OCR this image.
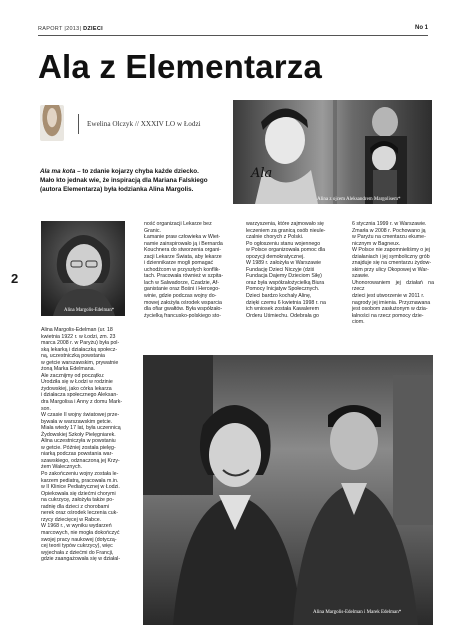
RAPORT |2013| DZIECI	No 1
Ala z Elementarza
2
Ewelina Olczyk // XXXIV LO w Łodzi

Ala ma kota – to zdanie kojarzy chyba każde dziecko. Mało kto jednak wie, że inspiracją dla Mariana Falskiego (autora Elementarza) była łodzianka Alina Margolis.

Ala
Alina z ojcem Aleksandrem Margolisem*
Alina Margolis-Edelman*
Alina Margolis-Edelman (ur. 18
kwietnia 1922 r. w Łodzi, zm. 23
marca 2008 r. w Paryżu) była pol-
ską lekarką i działaczką społecz-
ną, uczestniczką powstania
w getcie warszawskim, prywatnie
żoną Marka Edelmana.
Ale zacznijmy od początku:
Urodziła się w Łodzi w rodzinie
żydowskiej, jako córka lekarza
i działacza społecznego Aleksan-
dra Margolisa i Anny z domu Mark-
son.
W czasie II wojny światowej prze-
bywała w warszawskim getcie.
Miała wtedy 17 lat, była uczennicą
Żydowskiej Szkoły Pielęgniarek.
Alina uczestniczyła w powstaniu
w getcie. Później została pielęg-
niarką podczas powstania war-
szawskiego, odznaczoną jej Krzy-
żem Walecznych.
Po zakończeniu wojny została le-
karzem pediatrą, pracowała m.in.
w II Klinice Pediatrycznej w Łodzi.
Opiekowała się dziećmi chorymi
na cukrzycę, założyła także po-
radnię dla dzieci z chorobami
nerek oraz ośrodek leczenia cuk-
rzycy dziecięcej w Rabce.
W 1968 r., w wyniku wydarzeń
marcowych, nie mogła dokończyć
swojej pracy naukowej (dotyczą-
cej teorii typów cukrzycy), więc
wyjechała z dziećmi do Francji,
gdzie zaangażowała się w działal-
ność organizacji Lekarze bez
Granic.
Łamanie praw człowieka w Wiet-
namie zainspirowało ją i Bernarda
Kouchnera do stworzenia organi-
zacji Lekarze Świata, aby lekarze
i dziennikarze mogli pomagać
uchodźcom w przyszłych konflik-
tach. Pracowała również w szpita-
lach w Salwadorze, Czadzie, Af-
ganistanie oraz Bośni i Hercego-
winie, gdzie podczas wojny do-
mowej założyła ośrodek wsparcia
dla ofiar gwałtów. Była współzało-
życielką francusko-polskiego sto-
warzyszenia, które zajmowało się
leczeniem za granicą osób nieule-
czalnie chorych z Polski.
Po ogłoszeniu stanu wojennego
w Polsce organizowała pomoc dla
opozycji demokratycznej.
W 1989 r. założyła w Warszawie
Fundację Dzieci Niczyje (dziś
Fundacja Dajemy Dzieciom Siłę)
oraz była współzałożycielką Biura
Pomocy Inicjatyw Społecznych.
Dzieci bardzo kochały Alinę,
dzięki czemu 6 kwietnia 1998 r. na
ich wniosek została Kawalerem
Orderu Uśmiechu. Odebrała go
6 stycznia 1999 r. w Warszawie.
Zmarła w 2008 r. Pochowano ją
w Paryżu na cmentarzu ekume-
nicznym w Bagneux.
W Polsce nie zapomnieliśmy o jej
działaniach i jej symboliczny grób
znajduje się na cmentarzu żydow-
skim przy ulicy Okopowej w War-
szawie.
Uhonorowaniem jej działań na rzecz
dzieci jest utworzenie w 2011 r.
nagrody jej imienia. Przyznawana
jest osobom zasłużonym w dzia-
łalności na rzecz pomocy dzie-
ciom.
Alina Margolis-Edelman i Marek Edelman*
